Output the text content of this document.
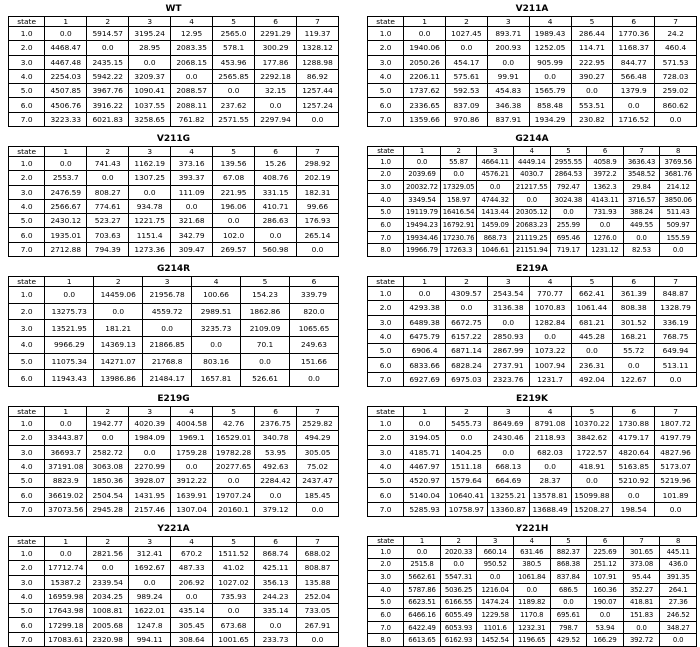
WT
state	1	2	3	4	5	6	7
1.0	0.0	5914.57	3195.24	12.95	2565.0	2291.29	119.37
2.0	4468.47	0.0	28.95	2083.35	578.1	300.29	1328.12
3.0	4467.48	2435.15	0.0	2068.15	453.96	177.86	1288.98
4.0	2254.03	5942.22	3209.37	0.0	2565.85	2292.18	86.92
5.0	4507.85	3967.76	1090.41	2088.57	0.0	32.15	1257.44
6.0	4506.76	3916.22	1037.55	2088.11	237.62	0.0	1257.24
7.0	3223.33	6021.83	3258.65	761.82	2571.55	2297.94	0.0
V211A
state	1	2	3	4	5	6	7
1.0	0.0	1027.45	893.71	1989.43	286.44	1770.36	24.2
2.0	1940.06	0.0	200.93	1252.05	114.71	1168.37	460.4
3.0	2050.26	454.17	0.0	905.99	222.95	844.77	571.53
4.0	2206.11	575.61	99.91	0.0	390.27	566.48	728.03
5.0	1737.62	592.53	454.83	1565.79	0.0	1379.9	259.02
6.0	2336.65	837.09	346.38	858.48	553.51	0.0	860.62
7.0	1359.66	970.86	837.91	1934.29	230.82	1716.52	0.0
V211G
state	1	2	3	4	5	6	7
1.0	0.0	741.43	1162.19	373.16	139.56	15.26	298.92
2.0	2553.7	0.0	1307.25	393.37	67.08	408.76	202.19
3.0	2476.59	808.27	0.0	111.09	221.95	331.15	182.31
4.0	2566.67	774.61	934.78	0.0	196.06	410.71	99.66
5.0	2430.12	523.27	1221.75	321.68	0.0	286.63	176.93
6.0	1935.01	703.63	1151.4	342.79	102.0	0.0	265.14
7.0	2712.88	794.39	1273.36	309.47	269.57	560.98	0.0
G214A
state	1	2	3	4	5	6	7	8
1.0	0.0	55.87	4664.11	4449.14	2955.55	4058.9	3636.43	3769.56
2.0	2039.69	0.0	4576.21	4030.7	2864.53	3972.2	3548.52	3681.76
3.0	20032.72	17329.05	0.0	21217.55	792.47	1362.3	29.84	214.12
4.0	3349.54	158.97	4744.32	0.0	3024.38	4143.11	3716.57	3850.06
5.0	19119.79	16416.54	1413.44	20305.12	0.0	731.93	388.24	511.43
6.0	19494.23	16792.91	1459.09	20683.23	255.99	0.0	449.55	509.97
7.0	19934.46	17230.76	868.73	21119.25	695.46	1276.0	0.0	155.59
8.0	19966.79	17263.3	1046.61	21151.94	719.17	1231.12	82.53	0.0
G214R
state	1	2	3	4	5	6
1.0	0.0	14459.06	21956.78	100.66	154.23	339.79
2.0	13275.73	0.0	4559.72	2989.51	1862.86	820.0
3.0	13521.95	181.21	0.0	3235.73	2109.09	1065.65
4.0	9966.29	14369.13	21866.85	0.0	70.1	249.63
5.0	11075.34	14271.07	21768.8	803.16	0.0	151.66
6.0	11943.43	13986.86	21484.17	1657.81	526.61	0.0
E219A
state	1	2	3	4	5	6	7
1.0	0.0	4309.57	2543.54	770.77	662.41	361.39	848.87
2.0	4293.38	0.0	3136.38	1070.83	1061.44	808.38	1328.79
3.0	6489.38	6672.75	0.0	1282.84	681.21	301.52	336.19
4.0	6475.79	6157.22	2850.93	0.0	445.28	168.21	768.75
5.0	6906.4	6871.14	2867.99	1073.22	0.0	55.72	649.94
6.0	6833.66	6828.24	2737.91	1007.94	236.31	0.0	513.11
7.0	6927.69	6975.03	2323.76	1231.7	492.04	122.67	0.0
E219G
state	1	2	3	4	5	6	7
1.0	0.0	1942.77	4020.39	4004.58	42.76	2376.75	2529.82
2.0	33443.87	0.0	1984.09	1969.1	16529.01	340.78	494.29
3.0	36693.7	2582.72	0.0	1759.28	19782.28	53.95	305.05
4.0	37191.08	3063.08	2270.99	0.0	20277.65	492.63	75.02
5.0	8823.9	1850.36	3928.07	3912.22	0.0	2284.42	2437.47
6.0	36619.02	2504.54	1431.95	1639.91	19707.24	0.0	185.45
7.0	37073.56	2945.28	2157.46	1307.04	20160.1	379.12	0.0
E219K
state	1	2	3	4	5	6	7
1.0	0.0	5455.73	8649.69	8791.08	10370.22	1730.88	1807.72
2.0	3194.05	0.0	2430.46	2118.93	3842.62	4179.17	4197.79
3.0	4185.71	1404.25	0.0	682.03	1722.57	4820.64	4827.96
4.0	4467.97	1511.18	668.13	0.0	418.91	5163.85	5173.07
5.0	4520.97	1579.64	664.69	28.37	0.0	5210.92	5219.96
6.0	5140.04	10640.41	13255.21	13578.81	15099.88	0.0	101.89
7.0	5285.93	10758.97	13360.87	13688.49	15208.27	198.54	0.0
Y221A
state	1	2	3	4	5	6	7
1.0	0.0	2821.56	312.41	670.2	1511.52	868.74	688.02
2.0	17712.74	0.0	1692.67	487.33	41.02	425.11	808.87
3.0	15387.2	2339.54	0.0	206.92	1027.02	356.13	135.88
4.0	16959.98	2034.25	989.24	0.0	735.93	244.23	252.04
5.0	17643.98	1008.81	1622.01	435.14	0.0	335.14	733.05
6.0	17299.18	2005.68	1247.8	305.45	673.68	0.0	267.91
7.0	17083.61	2320.98	994.11	308.64	1001.65	233.73	0.0
Y221H
state	1	2	3	4	5	6	7	8
1.0	0.0	2020.33	660.14	631.46	882.37	225.69	301.65	445.11
2.0	2515.8	0.0	950.52	380.5	868.38	251.12	373.08	436.0
3.0	5662.61	5547.31	0.0	1061.84	837.84	107.91	95.44	391.35
4.0	5787.86	5036.25	1216.04	0.0	686.5	160.36	352.27	264.1
5.0	6623.51	6166.55	1474.24	1189.82	0.0	190.07	418.81	27.36
6.0	6466.16	6055.49	1229.58	1170.8	695.61	0.0	151.83	246.52
7.0	6422.49	6053.93	1101.6	1232.31	798.7	53.94	0.0	348.27
8.0	6613.65	6162.93	1452.54	1196.65	429.52	166.29	392.72	0.0
